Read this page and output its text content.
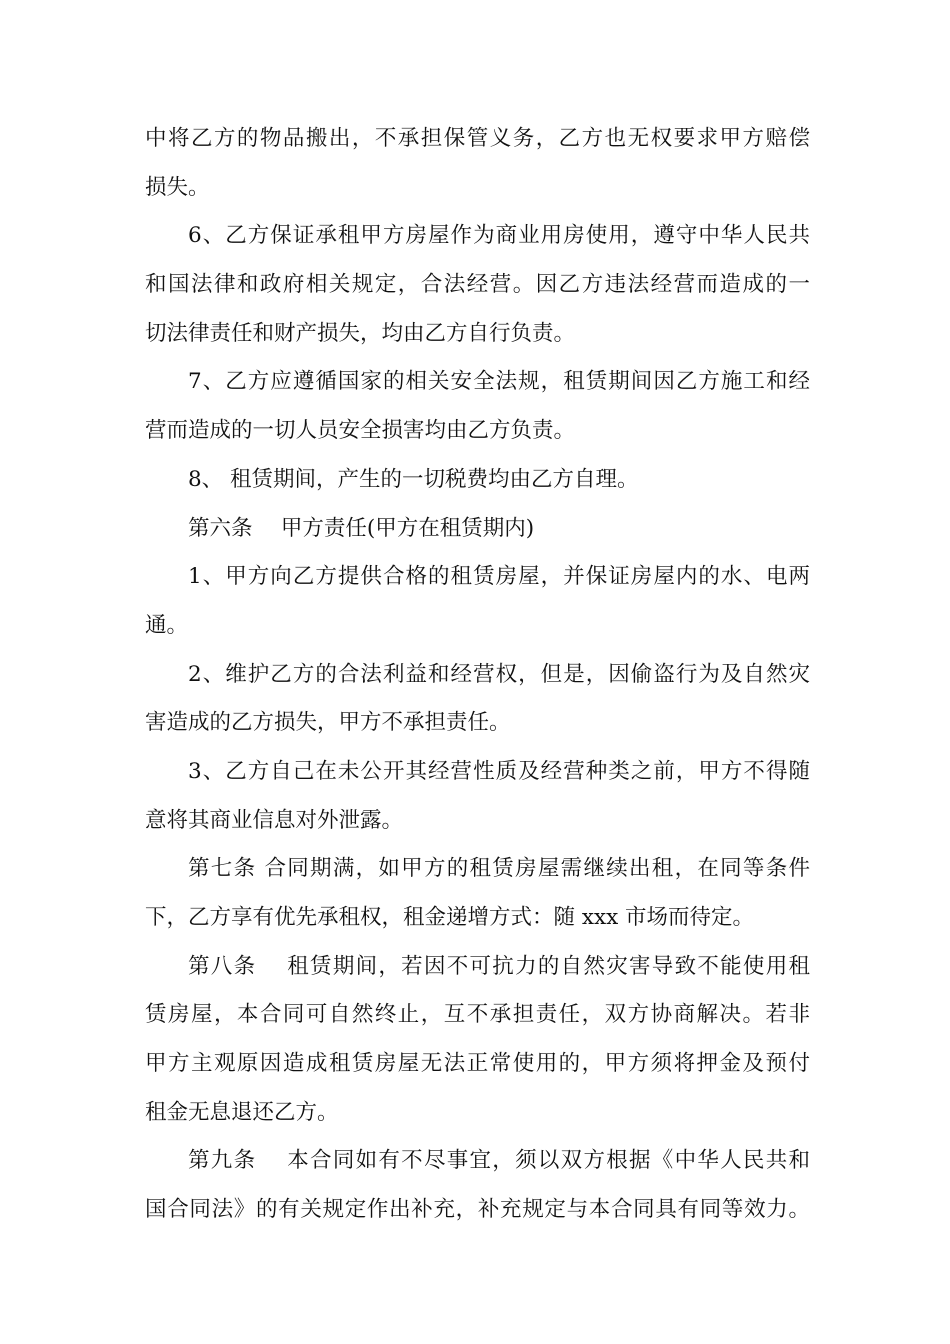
中将乙方的物品搬出，不承担保管义务，乙方也无权要求甲方赔偿
损失。
6、乙方保证承租甲方房屋作为商业用房使用，遵守中华人民共
和国法律和政府相关规定，合法经营。因乙方违法经营而造成的一
切法律责任和财产损失，均由乙方自行负责。
7、乙方应遵循国家的相关安全法规，租赁期间因乙方施工和经
营而造成的一切人员安全损害均由乙方负责。
8、 租赁期间，产生的一切税费均由乙方自理。
第六条　 甲方责任(甲方在租赁期内)
1、甲方向乙方提供合格的租赁房屋，并保证房屋内的水、电两
通。
2、维护乙方的合法利益和经营权，但是，因偷盗行为及自然灾
害造成的乙方损失，甲方不承担责任。
3、乙方自己在未公开其经营性质及经营种类之前，甲方不得随
意将其商业信息对外泄露。
第七条 合同期满，如甲方的租赁房屋需继续出租，在同等条件
下，乙方享有优先承租权，租金递增方式：随 xxx 市场而待定。
第八条　 租赁期间，若因不可抗力的自然灾害导致不能使用租
赁房屋，本合同可自然终止，互不承担责任，双方协商解决。若非
甲方主观原因造成租赁房屋无法正常使用的，甲方须将押金及预付
租金无息退还乙方。
第九条　 本合同如有不尽事宜，须以双方根据《中华人民共和
国合同法》的有关规定作出补充，补充规定与本合同具有同等效力。
